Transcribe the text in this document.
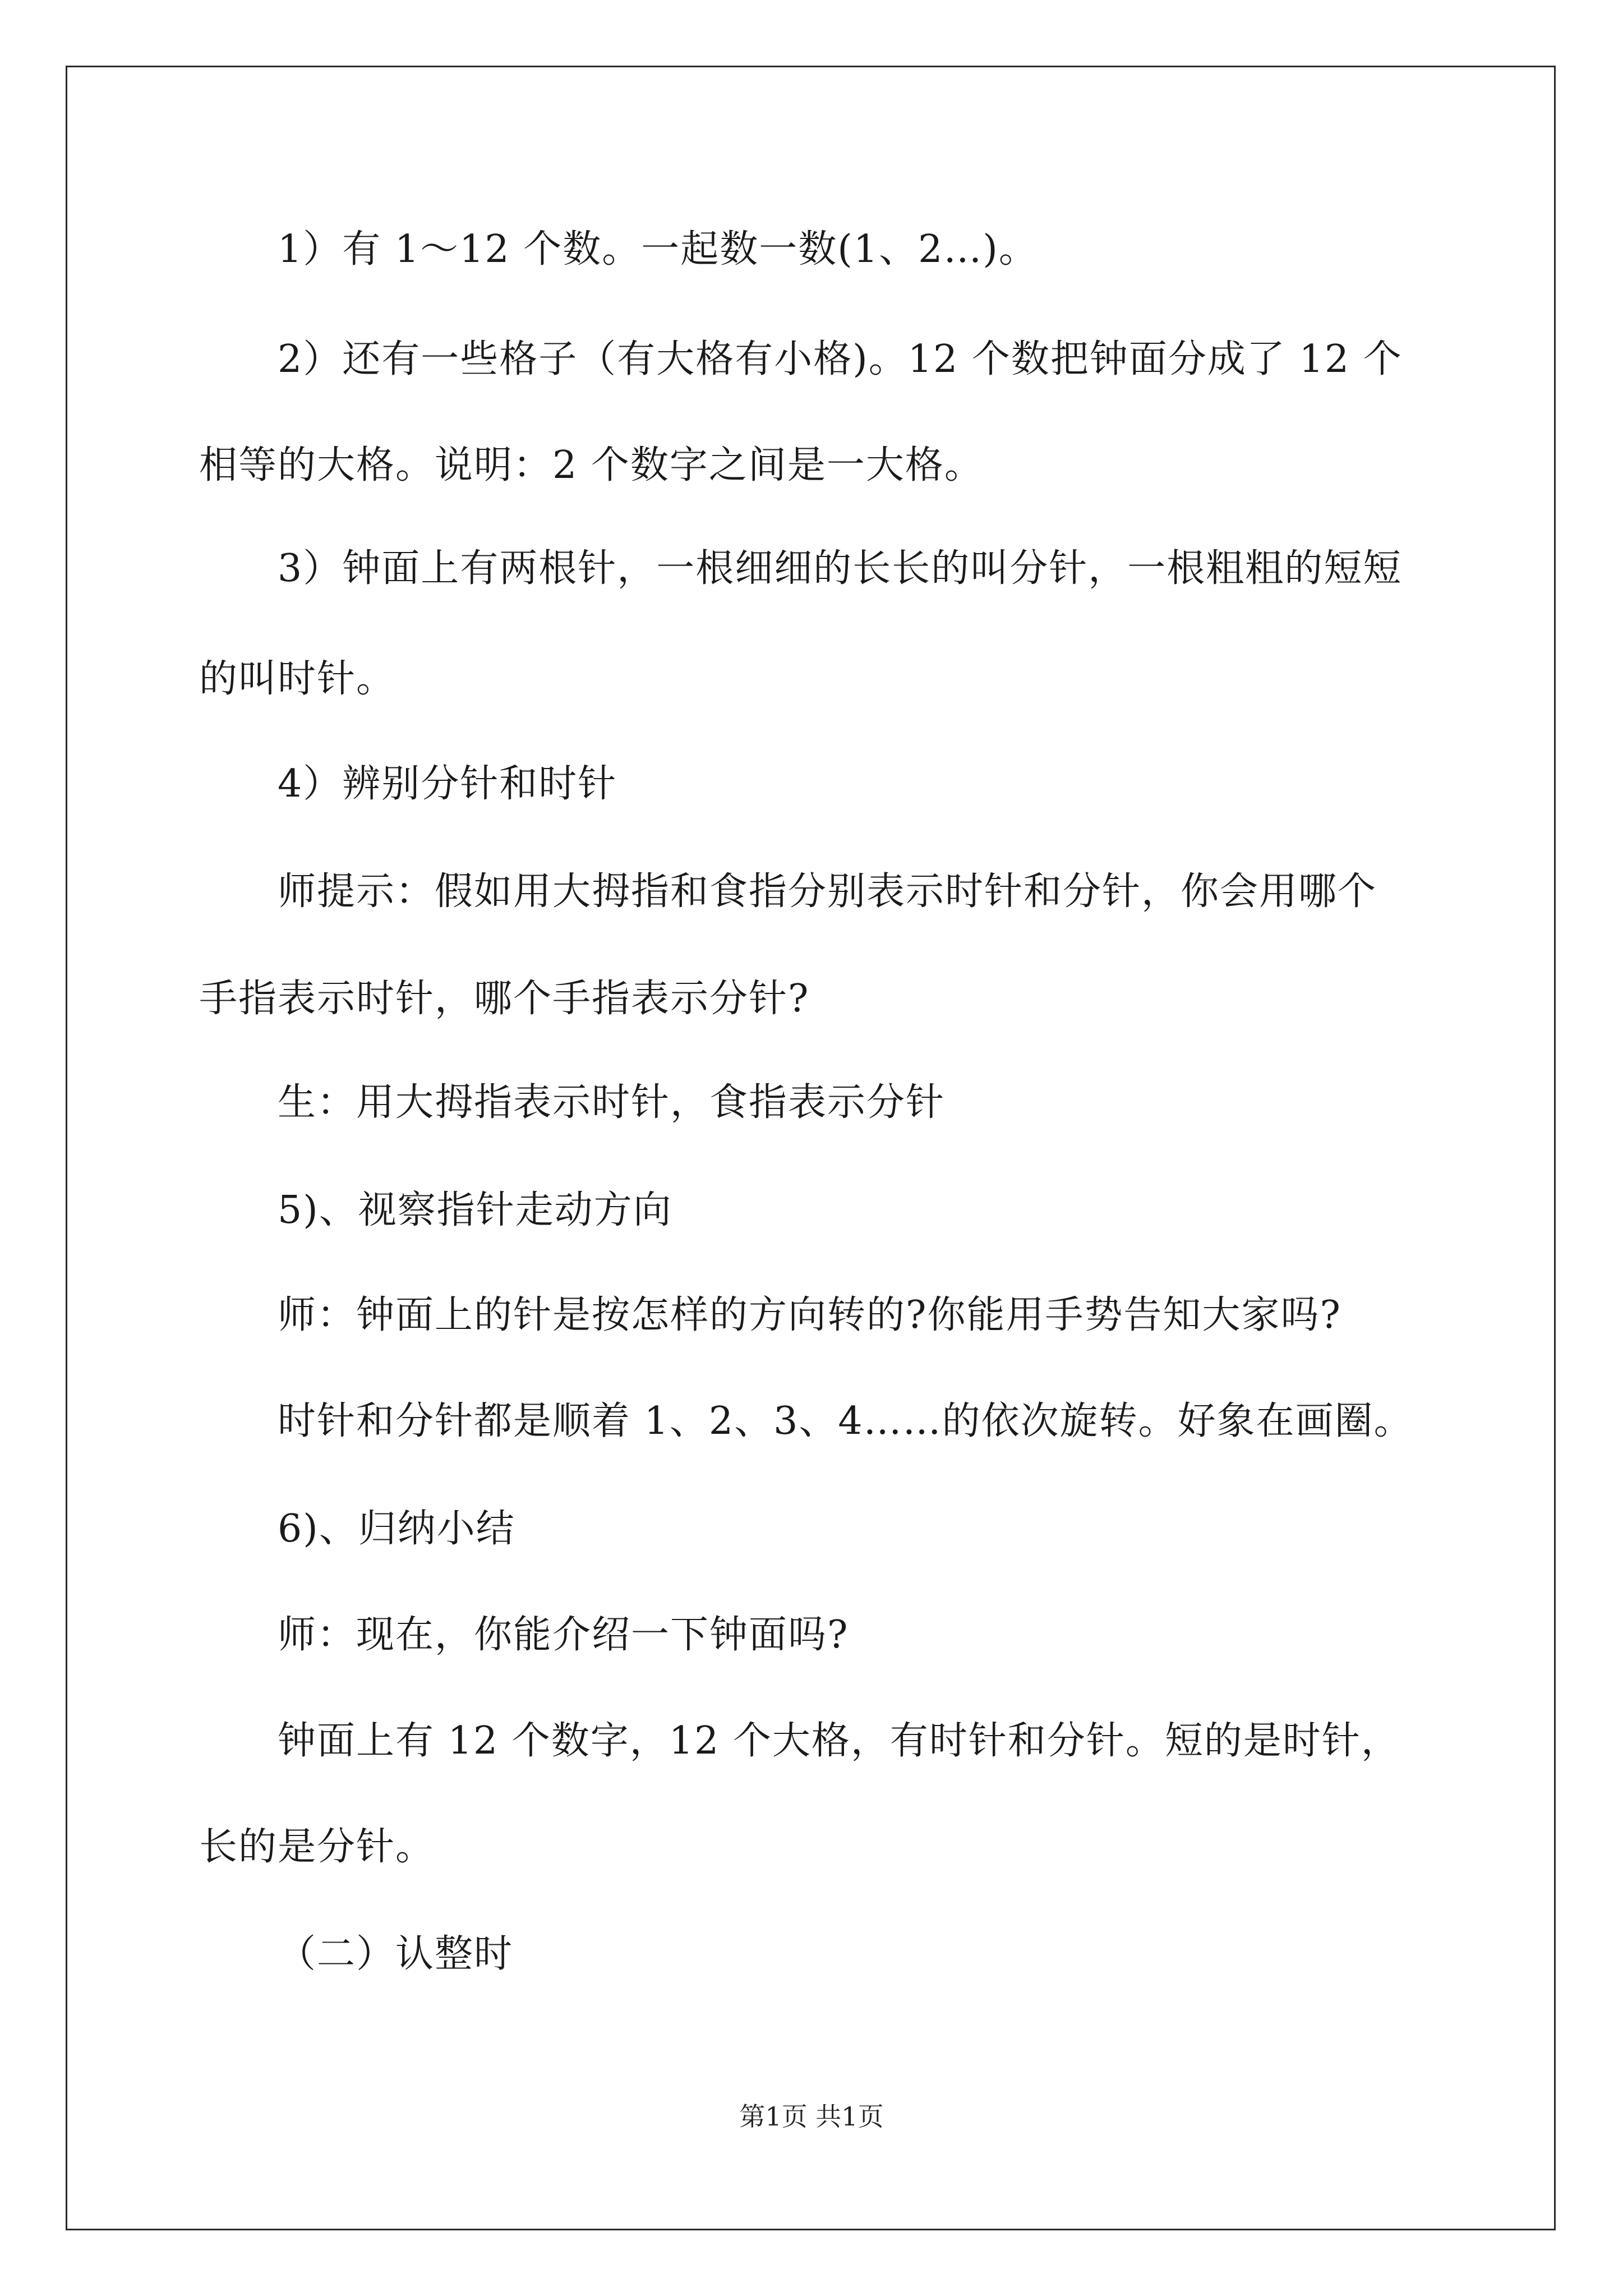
1）有 1～12 个数。一起数一数(1、2…)。
2）还有一些格子（有大格有小格)。12 个数把钟面分成了 12 个
相等的大格。说明：2 个数字之间是一大格。
3）钟面上有两根针，一根细细的长长的叫分针，一根粗粗的短短
的叫时针。
4）辨别分针和时针
师提示：假如用大拇指和食指分别表示时针和分针，你会用哪个
手指表示时针，哪个手指表示分针?
生：用大拇指表示时针，食指表示分针
5)、视察指针走动方向
师：钟面上的针是按怎样的方向转的?你能用手势告知大家吗?
时针和分针都是顺着 1、2、3、4……的依次旋转。好象在画圈。
6)、归纳小结
师：现在，你能介绍一下钟面吗?
钟面上有 12 个数字，12 个大格，有时针和分针。短的是时针，
长的是分针。
（二）认整时
第1页 共1页
